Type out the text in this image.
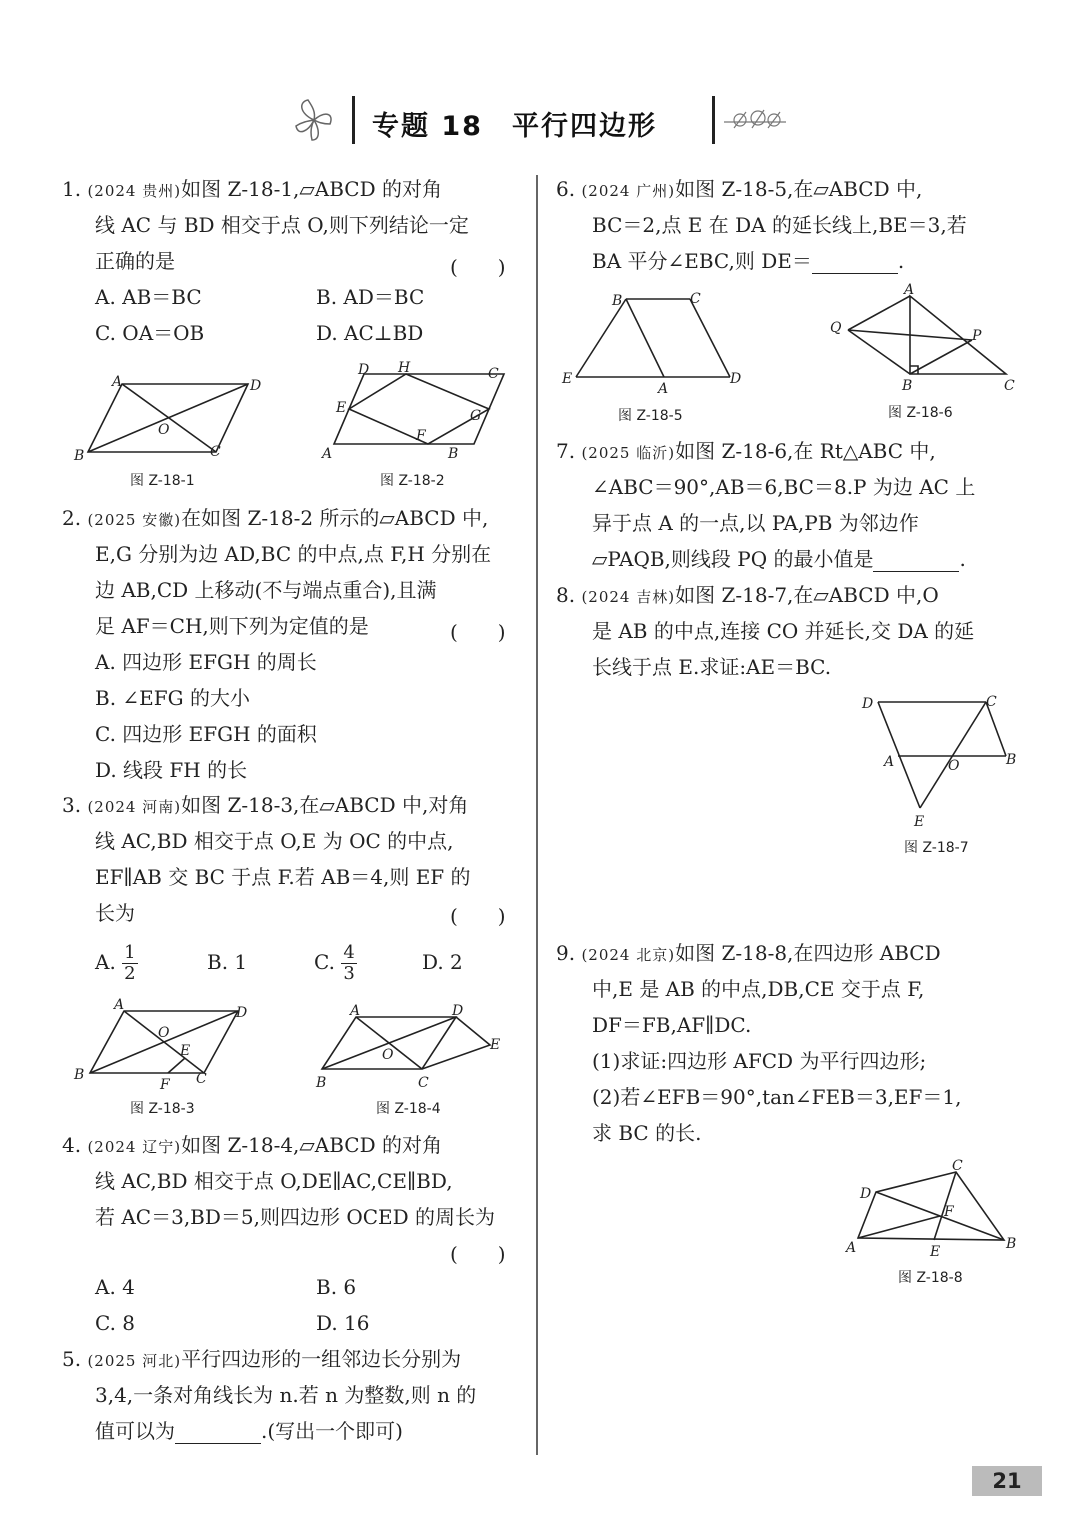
专题 18　平行四边形
1. (2024 贵州)如图 Z-18-1,▱ABCD 的对角
线 AC 与 BD 相交于点 O,则下列结论一定
正确的是	(　　)
A. AB＝BC	B. AD＝BC
C. OA＝OB	D. AC⊥BD
A	D
B	C
O
图 Z-18-1
D H	C
E	G
A
F
B
图 Z-18-2
2. (2025 安徽)在如图 Z-18-2 所示的▱ABCD 中,
E,G 分别为边 AD,BC 的中点,点 F,H 分别在
边 AB,CD 上移动(不与端点重合),且满
足 AF＝CH,则下列为定值的是	(　　)
A. 四边形 EFGH 的周长
B. ∠EFG 的大小
C. 四边形 EFGH 的面积
D. 线段 FH 的长
3. (2024 河南)如图 Z-18-3,在▱ABCD 中,对角
线 AC,BD 相交于点 O,E 为 OC 的中点,
EF∥AB 交 BC 于点 F.若 AB＝4,则 EF 的
长为	(　　)
A. $\frac{1}{2}$	B. 1	C. $\frac{4}{3}$	D. 2
A	D
O
E
B
F C
图 Z-18-3
A	D
O
E
B	C
图 Z-18-4
4. (2024 辽宁)如图 Z-18-4,▱ABCD 的对角
线 AC,BD 相交于点 O,DE∥AC,CE∥BD,
若 AC＝3,BD＝5,则四边形 OCED 的周长为
(　　)
A. 4	B. 6
C. 8	D. 16
5. (2025 河北)平行四边形的一组邻边长分别为
3,4,一条对角线长为 n.若 n 为整数,则 n 的
值可以为	.(写出一个即可)
6. (2024 广州)如图 Z-18-5,在▱ABCD 中,
BC＝2,点 E 在 DA 的延长线上,BE＝3,若
BA 平分∠EBC,则 DE＝	.
B	C
E
A
D
图 Z-18-5
A
Q	P
B	C
图 Z-18-6
7. (2025 临沂)如图 Z-18-6,在 Rt△ABC 中,
∠ABC＝90°,AB＝6,BC＝8.P 为边 AC 上
异于点 A 的一点,以 PA,PB 为邻边作
▱PAQB,则线段 PQ 的最小值是	.
8. (2024 吉林)如图 Z-18-7,在▱ABCD 中,O
是 AB 的中点,连接 CO 并延长,交 DA 的延
长线于点 E.求证:AE＝BC.
D	C
A	O	B
E
图 Z-18-7
9. (2024 北京)如图 Z-18-8,在四边形 ABCD
中,E 是 AB 的中点,DB,CE 交于点 F,
DF＝FB,AF∥DC.
(1)求证:四边形 AFCD 为平行四边形;
(2)若∠EFB＝90°,tan∠FEB＝3,EF＝1,
求 BC 的长.
D
C
F
A	E	B
图 Z-18-8
21
